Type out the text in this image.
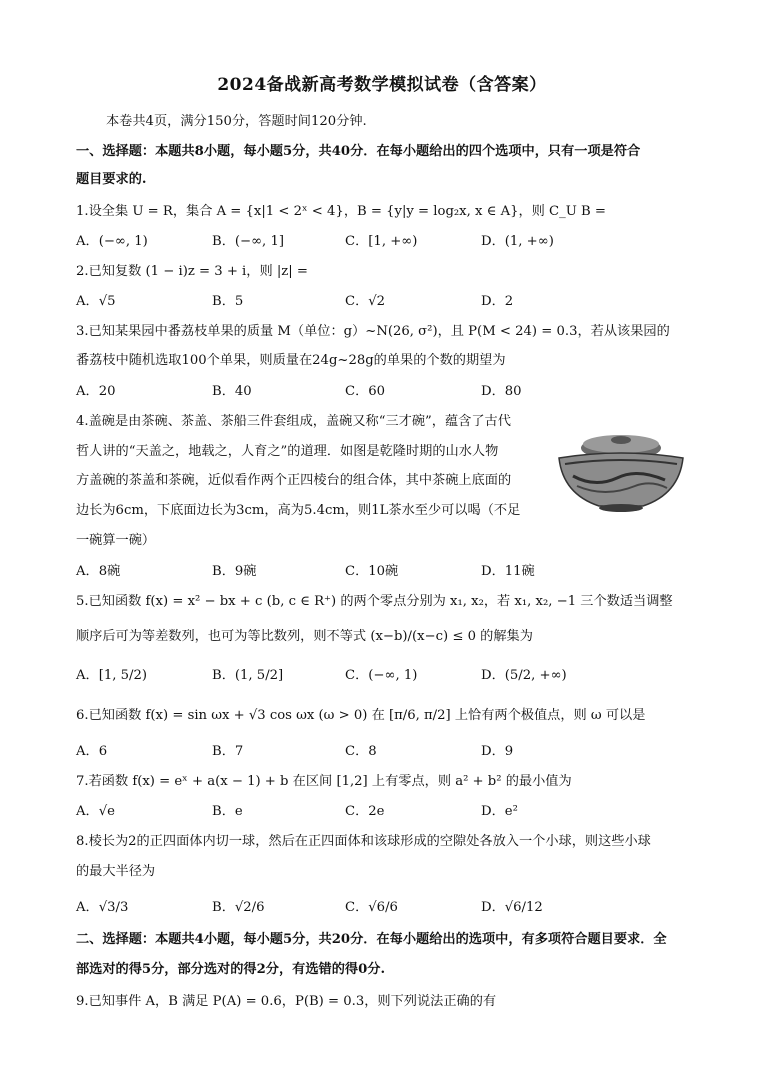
2024备战新高考数学模拟试卷（含答案）
本卷共4页，满分150分，答题时间120分钟.
一、选择题：本题共8小题，每小题5分，共40分．在每小题给出的四个选项中，只有一项是符合
题目要求的.
1.设全集 U = R，集合 A = {x|1 < 2ˣ < 4}，B = {y|y = log₂x, x ∈ A}，则 C_U B =
A．(−∞, 1)	B．(−∞, 1]	C．[1, +∞)	D．(1, +∞)
2.已知复数 (1 − i)z = 3 + i，则 |z| =
A．√5	B．5	C．√2	D．2
3.已知某果园中番荔枝单果的质量 M（单位：g）~N(26, σ²)，且 P(M < 24) = 0.3，若从该果园的
番荔枝中随机选取100个单果，则质量在24g~28g的单果的个数的期望为
A．20	B．40	C．60	D．80
4.盖碗是由茶碗、茶盖、茶船三件套组成，盖碗又称“三才碗”，蕴含了古代
哲人讲的“天盖之，地载之，人育之”的道理．如图是乾隆时期的山水人物
方盖碗的茶盖和茶碗，近似看作两个正四棱台的组合体，其中茶碗上底面的
边长为6cm，下底面边长为3cm，高为5.4cm，则1L茶水至少可以喝（不足
一碗算一碗）
A．8碗	B．9碗	C．10碗	D．11碗
5.已知函数 f(x) = x² − bx + c (b, c ∈ R⁺) 的两个零点分别为 x₁, x₂，若 x₁, x₂, −1 三个数适当调整
顺序后可为等差数列，也可为等比数列，则不等式 (x−b)/(x−c) ≤ 0 的解集为
A．[1, 5/2)	B．(1, 5/2]	C．(−∞, 1)	D．(5/2, +∞)
6.已知函数 f(x) = sin ωx + √3 cos ωx (ω > 0) 在 [π/6, π/2] 上恰有两个极值点，则 ω 可以是
A．6	B．7	C．8	D．9
7.若函数 f(x) = eˣ + a(x − 1) + b 在区间 [1,2] 上有零点，则 a² + b² 的最小值为
A．√e	B．e	C．2e	D．e²
8.棱长为2的正四面体内切一球，然后在正四面体和该球形成的空隙处各放入一个小球，则这些小球
的最大半径为
A．√3/3	B．√2/6	C．√6/6	D．√6/12
二、选择题：本题共4小题，每小题5分，共20分．在每小题给出的选项中，有多项符合题目要求．全
部选对的得5分，部分选对的得2分，有选错的得0分.
9.已知事件 A，B 满足 P(A) = 0.6，P(B) = 0.3，则下列说法正确的有
